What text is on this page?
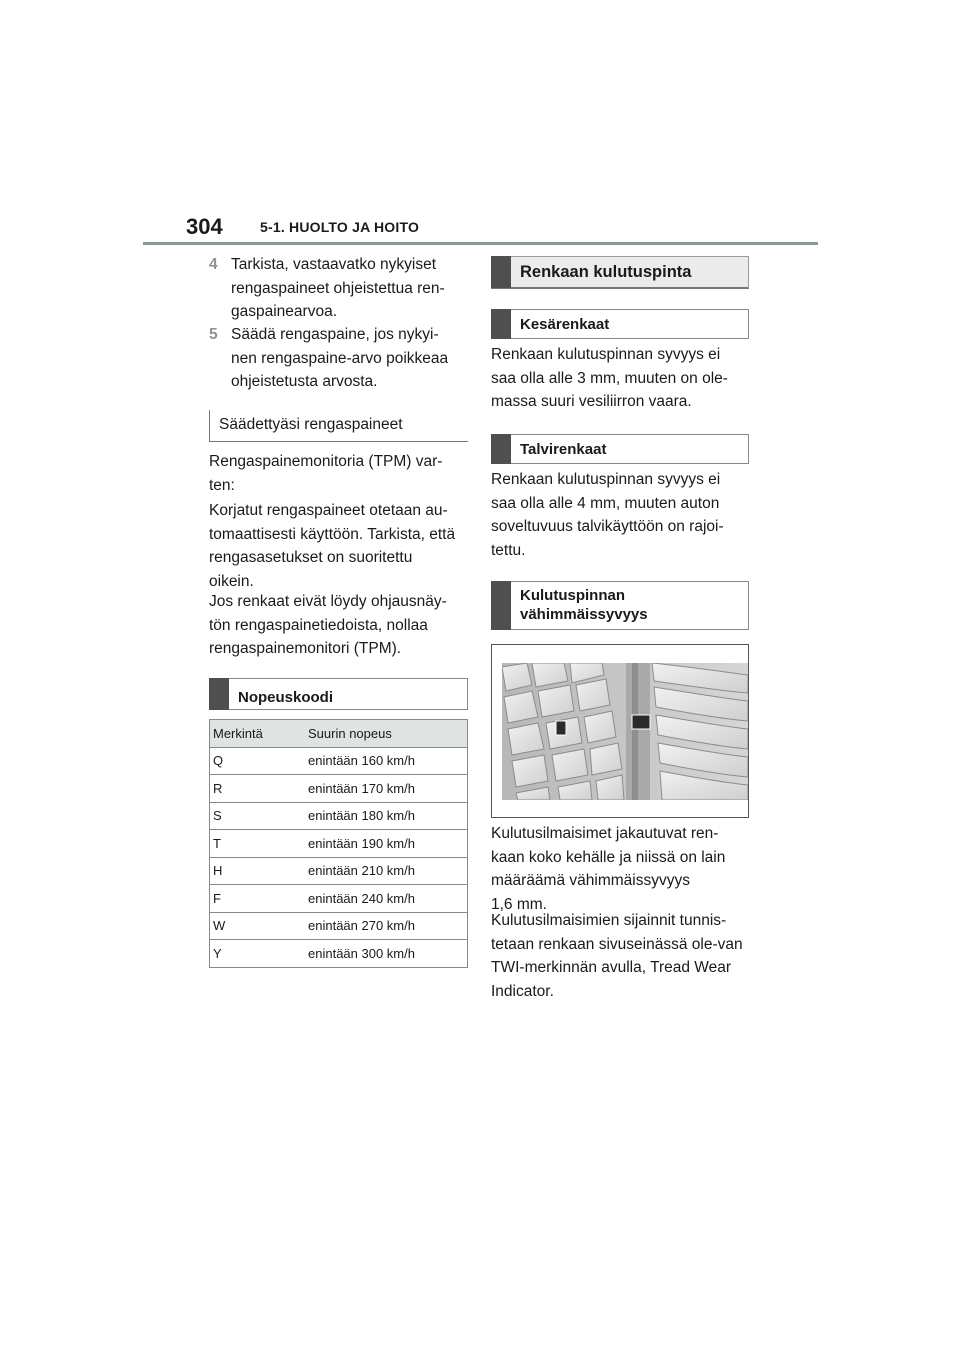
304	5-1. HUOLTO JA HOITO
4 Tarkista, vastaavatko nykyiset rengaspaineet ohjeistettua ren-gaspainearvoa.
5 Säädä rengaspaine, jos nykyi-nen rengaspaine-arvo poikkeaa ohjeistetusta arvosta.
Säädettyäsi rengaspaineet
Rengaspainemonitoria (TPM) var-ten:
Korjatut rengaspaineet otetaan au-tomaattisesti käyttöön. Tarkista, että rengasasetukset on suoritettu oikein.
Jos renkaat eivät löydy ohjausnäy-tön rengaspainetiedoista, nollaa rengaspainemonitori (TPM).
Nopeuskoodi
Merkintä	Suurin nopeus
Q	enintään 160 km/h
R	enintään 170 km/h
S	enintään 180 km/h
T	enintään 190 km/h
H	enintään 210 km/h
F	enintään 240 km/h
W	enintään 270 km/h
Y	enintään 300 km/h
Renkaan kulutuspinta
Kesärenkaat
Renkaan kulutuspinnan syvyys ei saa olla alle 3 mm, muuten on ole-massa suuri vesiliirron vaara.
Talvirenkaat
Renkaan kulutuspinnan syvyys ei saa olla alle 4 mm, muuten auton soveltuvuus talvikäyttöön on rajoi-tettu.
Kulutuspinnan
vähimmäissyvyys
Kulutusilmaisimet jakautuvat ren-kaan koko kehälle ja niissä on lain määräämä vähimmäissyvyys
1,6 mm.
Kulutusilmaisimien sijainnit tunnis-tetaan renkaan sivuseinässä ole-van TWI-merkinnän avulla, Tread Wear Indicator.
